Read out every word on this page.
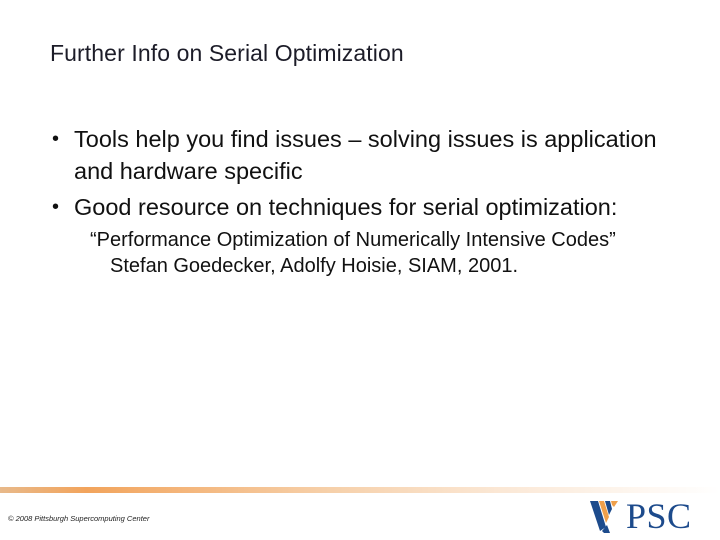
Further Info on Serial Optimization
• Tools help you find issues – solving issues is application and hardware specific
• Good resource on techniques for serial optimization:
“Performance Optimization of Numerically Intensive Codes” Stefan Goedecker, Adolfy Hoisie, SIAM, 2001.
© 2008 Pittsburgh Supercomputing Center	PSC
